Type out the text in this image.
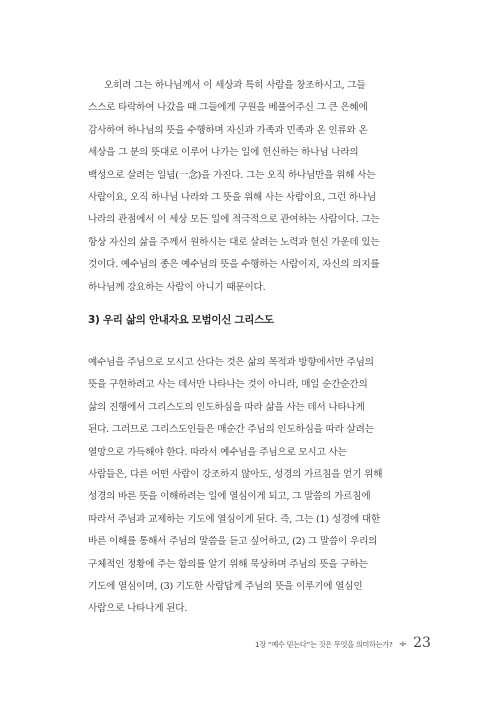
오히려 그는 하나님께서 이 세상과 특히 사람을 창조하시고, 그들

스스로 타락하여 나갔을 때 그들에게 구원을 베풀어주신 그 큰 은혜에

감사하여 하나님의 뜻을 수행하며 자신과 가족과 민족과 온 인류와 온

세상을 그 분의 뜻대로 이루어 나가는 일에 헌신하는 하나님 나라의

백성으로 살려는 일념(一念)을 가진다. 그는 오직 하나님만을 위해 사는

사람이요, 오직 하나님 나라와 그 뜻을 위해 사는 사람이요, 그런 하나님

나라의 관점에서 이 세상 모든 일에 적극적으로 관여하는 사람이다. 그는

항상 자신의 삶을 주께서 원하시는 대로 살려는 노력과 헌신 가운데 있는

것이다. 예수님의 종은 예수님의 뜻을 수행하는 사람이지, 자신의 의지를

하나님께 강요하는 사람이 아니기 때문이다.

3) 우리 삶의 안내자요 모범이신 그리스도

예수님을 주님으로 모시고 산다는 것은 삶의 목적과 방향에서만 주님의

뜻을 구현하려고 사는 데서만 나타나는 것이 아니라, 매일 순간순간의

삶의 진행에서 그리스도의 인도하심을 따라 삶을 사는 데서 나타나게

된다. 그러므로 그리스도인들은 매순간 주님의 인도하심을 따라 살려는

열망으로 가득해야 한다. 따라서 예수님을 주님으로 모시고 사는

사람들은, 다른 어떤 사람이 강조하지 않아도, 성경의 가르침을 얻기 위해

성경의 바른 뜻을 이해하려는 일에 열심이게 되고, 그 말씀의 가르침에

따라서 주님과 교제하는 기도에 열심이게 된다. 즉, 그는 (1) 성경에 대한

바른 이해를 통해서 주님의 말씀을 듣고 싶어하고, (2) 그 말씀이 우리의

구체적인 정황에 주는 함의를 알기 위해 묵상하며 주님의 뜻을 구하는

기도에 열심이며, (3) 기도한 사람답게 주님의 뜻을 이루기에 열심인

사람으로 나타나게 된다.

1장 “예수 믿는다”는 것은 무엇을 의미하는가? ÷ 23
